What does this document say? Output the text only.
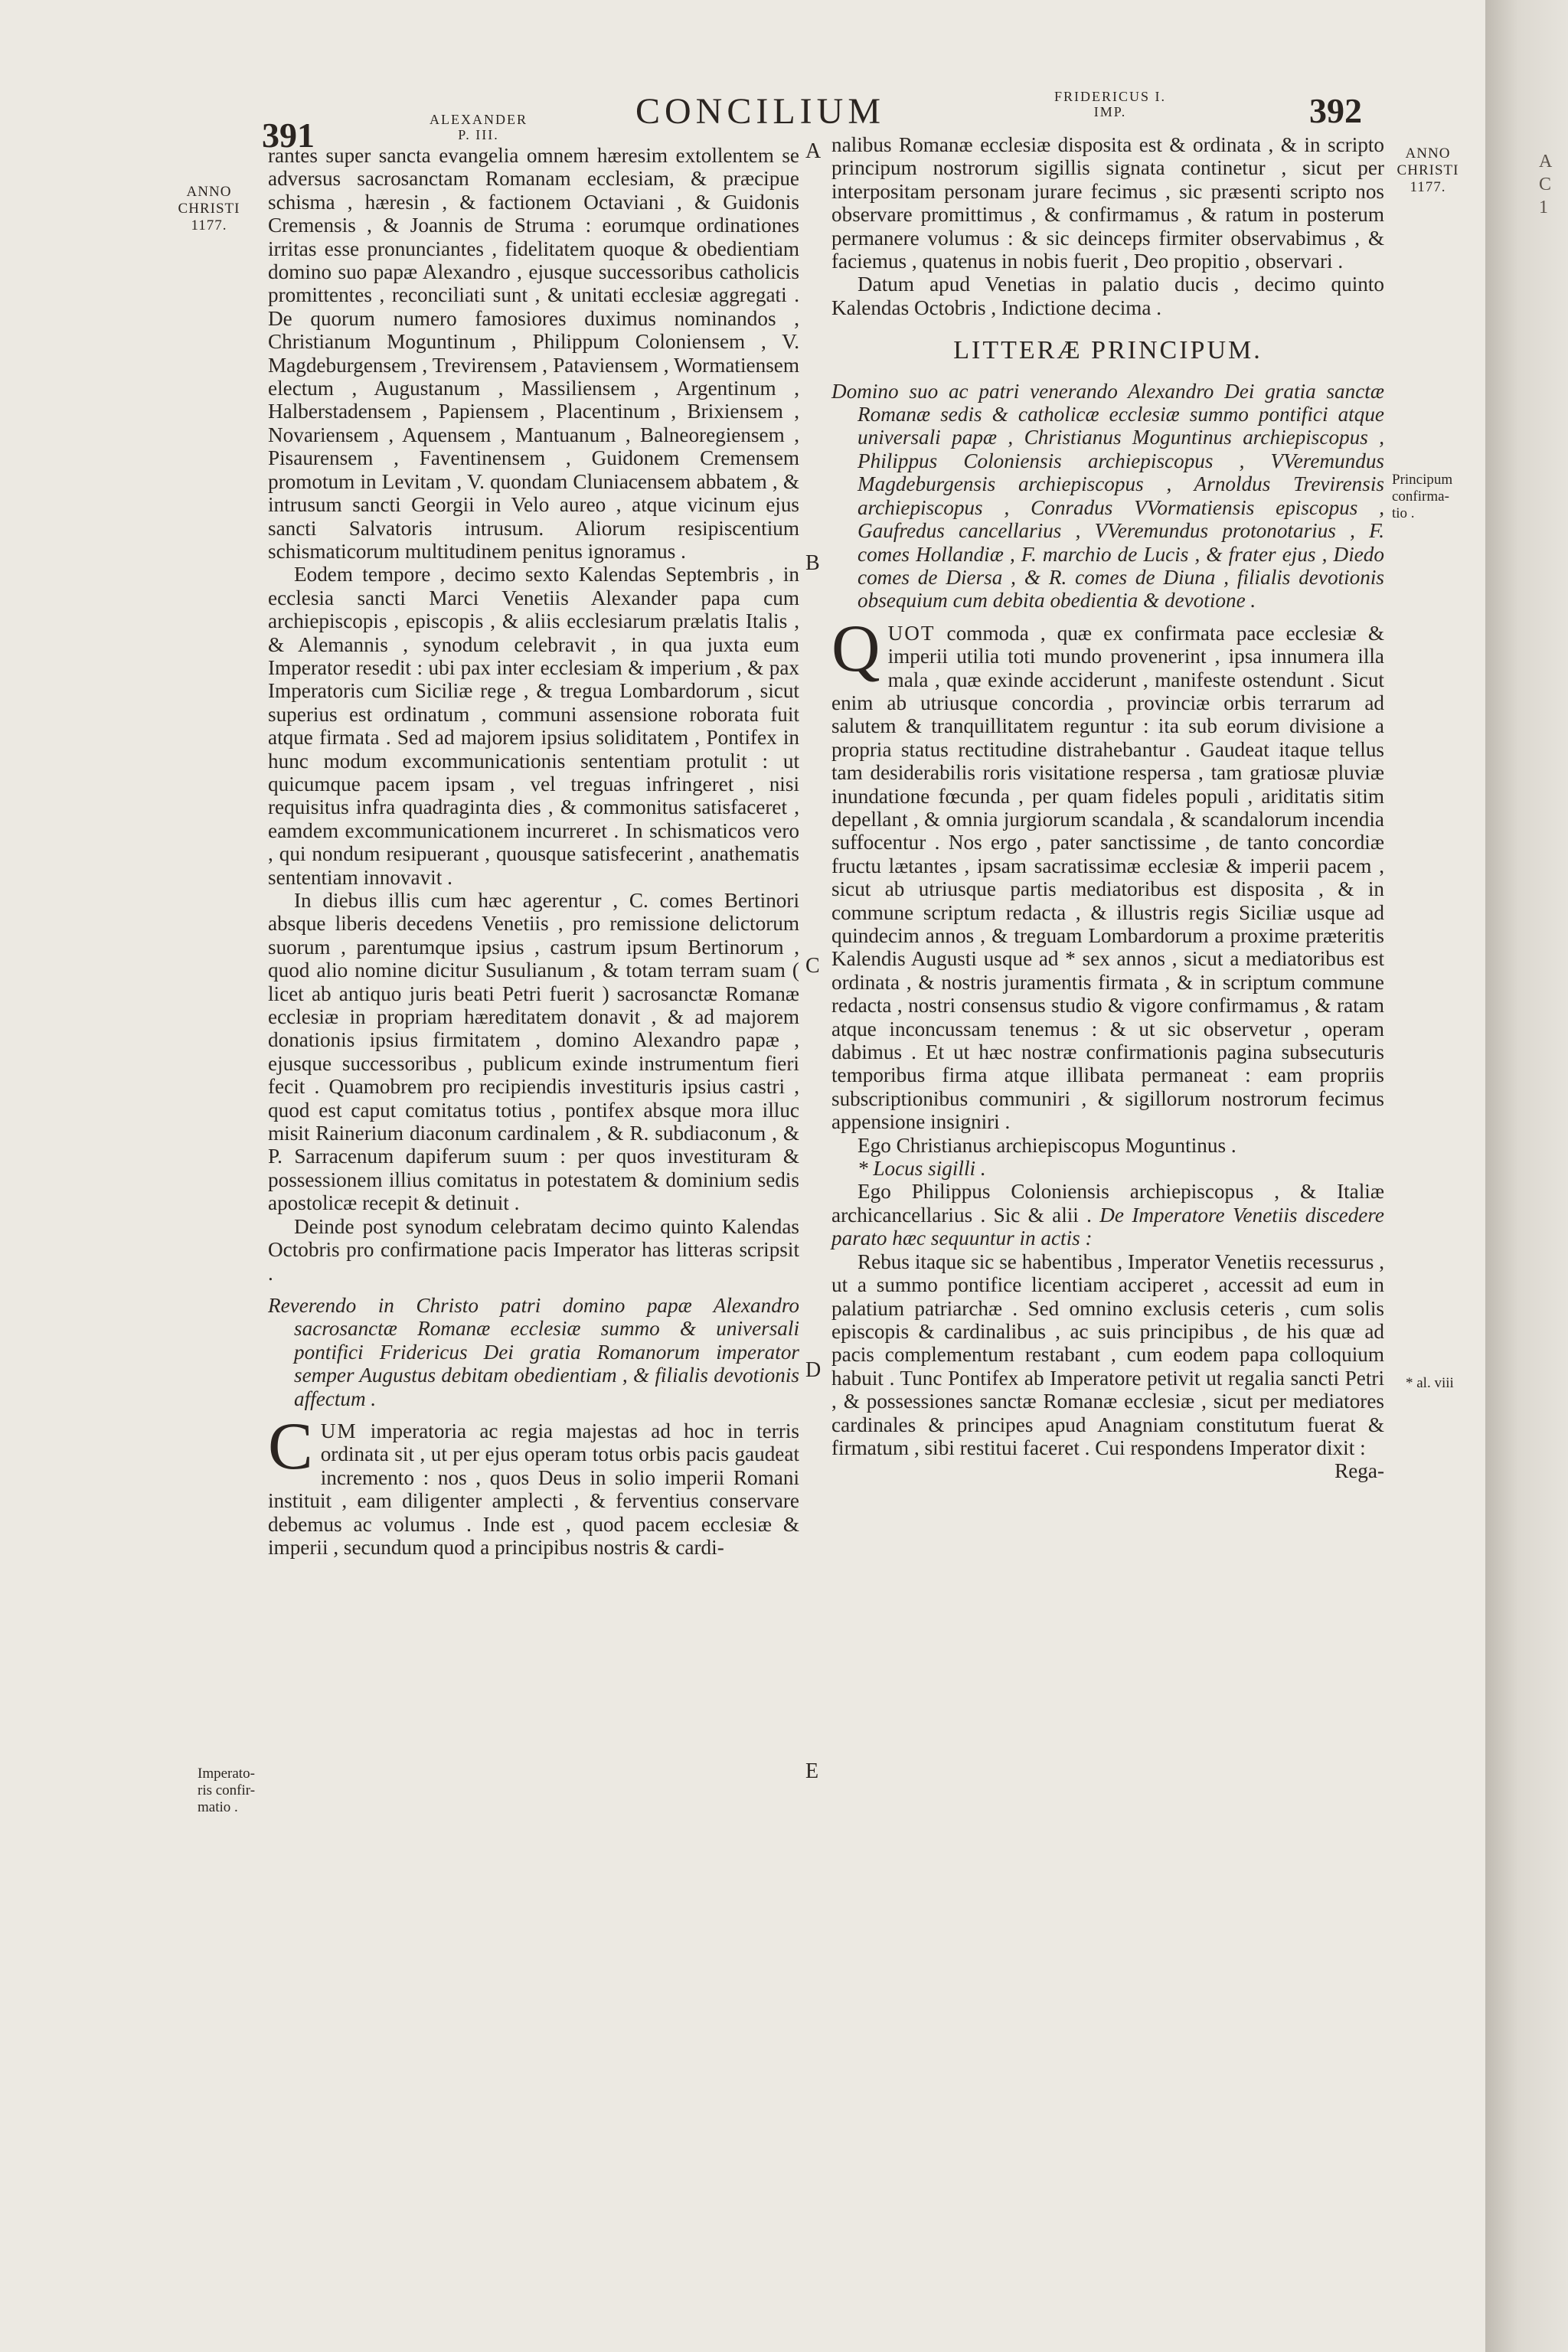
391	ALEXANDER
P. III.
CONCILIUM	FRIDERICUS I.
IMP.	392
ANNO
CHRISTI
1177.
ANNO
CHRISTI
1177.
Principum
confirma-
tio .
* al. viii
Imperato-
ris confir-
matio .
A
B
C
D
E

rantes super sancta evangelia omnem hæresim extollentem se adversus sacrosanctam Romanam ecclesiam, & præcipue schisma , hæresin , & factionem Octaviani , & Guidonis Cremensis , & Joannis de Struma : eorumque ordinationes irritas esse pronunciantes , fidelitatem quoque & obedientiam domino suo papæ Alexandro , ejusque successoribus catholicis promittentes , reconciliati sunt , & unitati ecclesiæ aggregati . De quorum numero famosiores duximus nominandos , Christianum Moguntinum , Philippum Coloniensem , V. Magdeburgensem , Trevirensem , Pataviensem , Wormatiensem electum , Augustanum , Massiliensem , Argentinum , Halberstadensem , Papiensem , Placentinum , Brixiensem , Novariensem , Aquensem , Mantuanum , Balneoregiensem , Pisaurensem , Faventinensem , Guidonem Cremensem promotum in Levitam , V. quondam Cluniacensem abbatem , & intrusum sancti Georgii in Velo aureo , atque vicinum ejus sancti Salvatoris intrusum. Aliorum resipiscentium schismaticorum multitudinem penitus ignoramus .

Eodem tempore , decimo sexto Kalendas Septembris , in ecclesia sancti Marci Venetiis Alexander papa cum archiepiscopis , episcopis , & aliis ecclesiarum prælatis Italis , & Alemannis , synodum celebravit , in qua juxta eum Imperator resedit : ubi pax inter ecclesiam & imperium , & pax Imperatoris cum Siciliæ rege , & tregua Lombardorum , sicut superius est ordinatum , communi assensione roborata fuit atque firmata . Sed ad majorem ipsius soliditatem , Pontifex in hunc modum excommunicationis sententiam protulit : ut quicumque pacem ipsam , vel treguas infringeret , nisi requisitus infra quadraginta dies , & commonitus satisfaceret , eamdem excommunicationem incurreret . In schismaticos vero , qui nondum resipuerant , quousque satisfecerint , anathematis sententiam innovavit .

In diebus illis cum hæc agerentur , C. comes Bertinori absque liberis decedens Venetiis , pro remissione delictorum suorum , parentumque ipsius , castrum ipsum Bertinorum , quod alio nomine dicitur Susulianum , & totam terram suam ( licet ab antiquo juris beati Petri fuerit ) sacrosanctæ Romanæ ecclesiæ in propriam hæreditatem donavit , & ad majorem donationis ipsius firmitatem , domino Alexandro papæ , ejusque successoribus , publicum exinde instrumentum fieri fecit . Quamobrem pro recipiendis investituris ipsius castri , quod est caput comitatus totius , pontifex absque mora illuc misit Rainerium diaconum cardinalem , & R. subdiaconum , & P. Sarracenum dapiferum suum : per quos investituram & possessionem illius comitatus in potestatem & dominium sedis apostolicæ recepit & detinuit .

Deinde post synodum celebratam decimo quinto Kalendas Octobris pro confirmatione pacis Imperator has litteras scripsit .

Reverendo in Christo patri domino papæ Alexandro sacrosanctæ Romanæ ecclesiæ summo & universali pontifici Fridericus Dei gratia Romanorum imperator semper Augustus debitam obedientiam , & filialis devotionis affectum .

CUM imperatoria ac regia majestas ad hoc in terris ordinata sit , ut per ejus operam totus orbis pacis gaudeat incremento : nos , quos Deus in solio imperii Romani instituit , eam diligenter amplecti , & ferventius conservare debemus ac volumus . Inde est , quod pacem ecclesiæ & imperii , secundum quod a principibus nostris & cardi-

nalibus Romanæ ecclesiæ disposita est & ordinata , & in scripto principum nostrorum sigillis signata continetur , sicut per interpositam personam jurare fecimus , sic præsenti scripto nos observare promittimus , & confirmamus , & ratum in posterum permanere volumus : & sic deinceps firmiter observabimus , & faciemus , quatenus in nobis fuerit , Deo propitio , observari .

Datum apud Venetias in palatio ducis , decimo quinto Kalendas Octobris , Indictione decima .

LITTERÆ PRINCIPUM.

Domino suo ac patri venerando Alexandro Dei gratia sanctæ Romanæ sedis & catholicæ ecclesiæ summo pontifici atque universali papæ , Christianus Moguntinus archiepiscopus , Philippus Coloniensis archiepiscopus , VVeremundus Magdeburgensis archiepiscopus , Arnoldus Trevirensis archiepiscopus , Conradus VVormatiensis episcopus , Gaufredus cancellarius , VVeremundus protonotarius , F. comes Hollandiæ , F. marchio de Lucis , & frater ejus , Diedo comes de Diersa , & R. comes de Diuna , filialis devotionis obsequium cum debita obedientia & devotione .

QUOT commoda , quæ ex confirmata pace ecclesiæ & imperii utilia toti mundo provenerint , ipsa innumera illa mala , quæ exinde acciderunt , manifeste ostendunt . Sicut enim ab utriusque concordia , provinciæ orbis terrarum ad salutem & tranquillitatem reguntur : ita sub eorum divisione a propria status rectitudine distrahebantur . Gaudeat itaque tellus tam desiderabilis roris visitatione respersa , tam gratiosæ pluviæ inundatione fœcunda , per quam fideles populi , ariditatis sitim depellant , & omnia jurgiorum scandala , & scandalorum incendia suffocentur . Nos ergo , pater sanctissime , de tanto concordiæ fructu lætantes , ipsam sacratissimæ ecclesiæ & imperii pacem , sicut ab utriusque partis mediatoribus est disposita , & in commune scriptum redacta , & illustris regis Siciliæ usque ad quindecim annos , & treguam Lombardorum a proxime præteritis Kalendis Augusti usque ad * sex annos , sicut a mediatoribus est ordinata , & nostris juramentis firmata , & in scriptum commune redacta , nostri consensus studio & vigore confirmamus , & ratam atque inconcussam tenemus : & ut sic observetur , operam dabimus . Et ut hæc nostræ confirmationis pagina subsecuturis temporibus firma atque illibata permaneat : eam propriis subscriptionibus communiri , & sigillorum nostrorum fecimus appensione insigniri .

Ego Christianus archiepiscopus Moguntinus .

* Locus sigilli .

Ego Philippus Coloniensis archiepiscopus , & Italiæ archicancellarius . Sic & alii . De Imperatore Venetiis discedere parato hæc sequuntur in actis :

Rebus itaque sic se habentibus , Imperator Venetiis recessurus , ut a summo pontifice licentiam acciperet , accessit ad eum in palatium patriarchæ . Sed omnino exclusis ceteris , cum solis episcopis & cardinalibus , ac suis principibus , de his quæ ad pacis complementum restabant , cum eodem papa colloquium habuit . Tunc Pontifex ab Imperatore petivit ut regalia sancti Petri , & possessiones sanctæ Romanæ ecclesiæ , sicut per mediatores cardinales & principes apud Anagniam constitutum fuerat & firmatum , sibi restitui faceret . Cui respondens Imperator dixit :

Rega-

A
C
1
